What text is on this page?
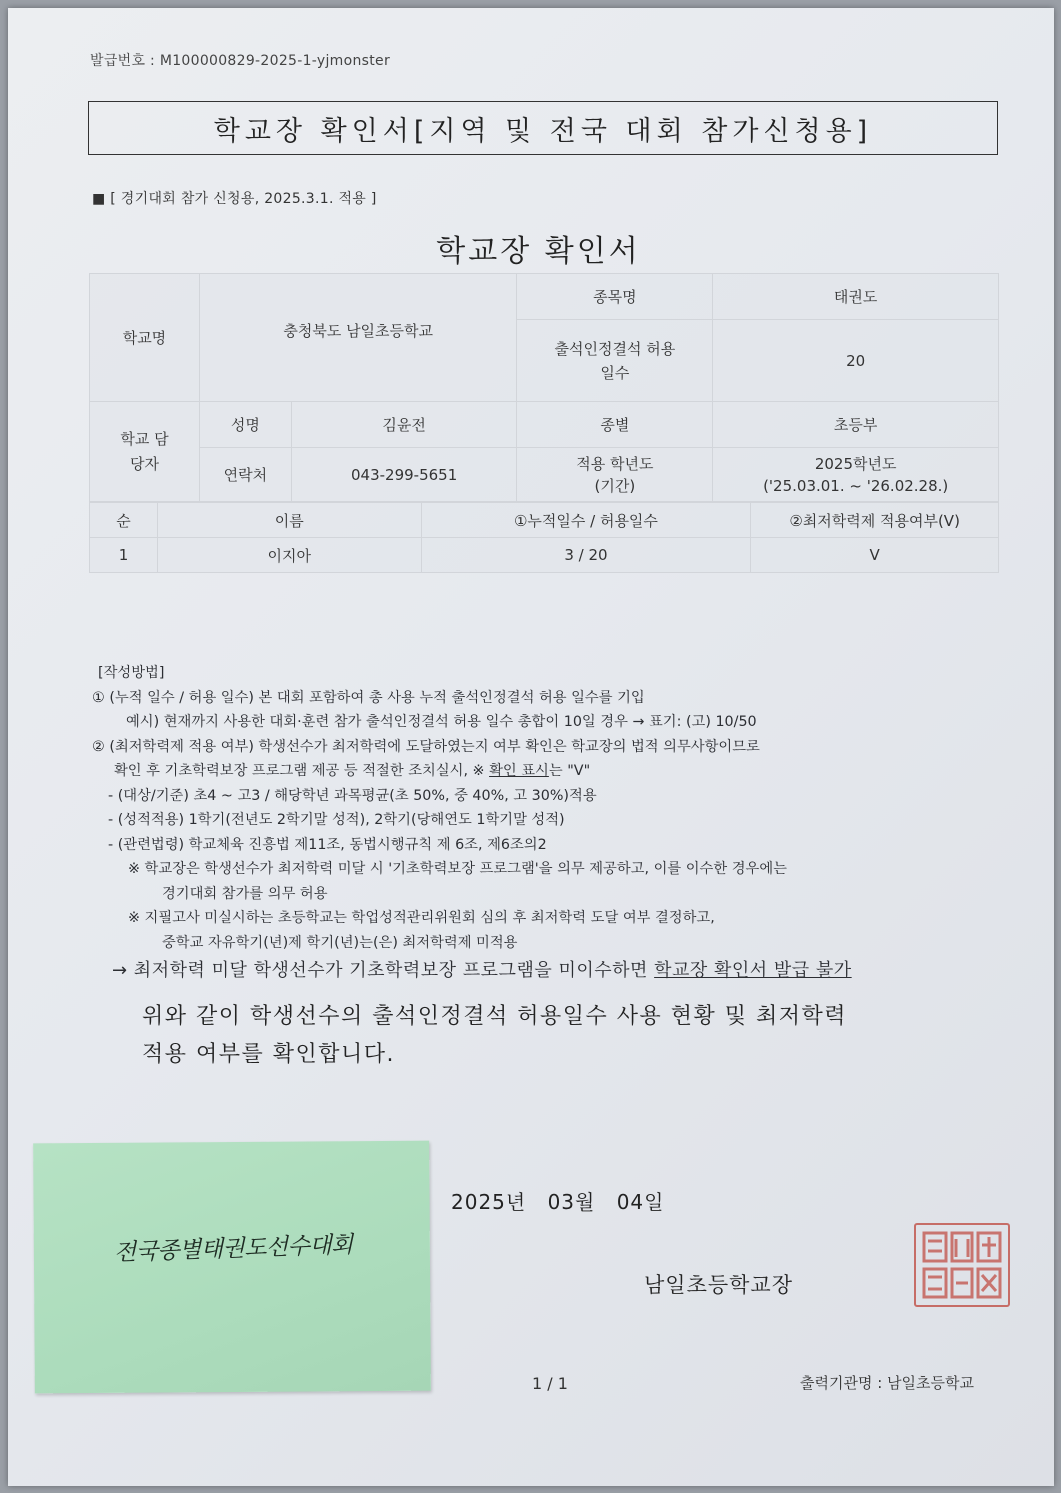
발급번호 : M100000829-2025-1-yjmonster
학교장 확인서[지역 및 전국 대회 참가신청용]
■ [ 경기대회 참가 신청용, 2025.3.1. 적용 ]
학교장 확인서
학교명	충청북도 남일초등학교		종목명	태권도

			출석인정결석 허용일수	20

학교 담당자	성명	김윤전	종별	초등부
	연락처	043-299-5651	적용 학년도 (기간)	2025학년도
('25.03.01. ~ '26.02.28.)
순	이름	①누적일수 / 허용일수	②최저학력제 적용여부(V)
1	이지아	3 / 20	V
[작성방법]
① (누적 일수 / 허용 일수) 본 대회 포함하여 총 사용 누적 출석인정결석 허용 일수를 기입
예시) 현재까지 사용한 대회·훈련 참가 출석인정결석 허용 일수 총합이 10일 경우 → 표기: (고) 10/50
② (최저학력제 적용 여부) 학생선수가 최저학력에 도달하였는지 여부 확인은 학교장의 법적 의무사항이므로
확인 후 기초학력보장 프로그램 제공 등 적절한 조치실시, ※ 확인 표시는 "V"
- (대상/기준) 초4 ~ 고3 / 해당학년 과목평균(초 50%, 중 40%, 고 30%)적용
- (성적적용) 1학기(전년도 2학기말 성적), 2학기(당해연도 1학기말 성적)
- (관련법령) 학교체육 진흥법 제11조, 동법시행규칙 제 6조, 제6조의2
※ 학교장은 학생선수가 최저학력 미달 시 '기초학력보장 프로그램'을 의무 제공하고, 이를 이수한 경우에는
경기대회 참가를 의무 허용
※ 지필고사 미실시하는 초등학교는 학업성적관리위원회 심의 후 최저학력 도달 여부 결정하고,
중학교 자유학기(년)제 학기(년)는(은) 최저학력제 미적용
→ 최저학력 미달 학생선수가 기초학력보장 프로그램을 미이수하면 학교장 확인서 발급 불가
위와 같이 학생선수의 출석인정결석 허용일수 사용 현황 및 최저학력
적용 여부를 확인합니다.
2025년 03월 04일
남일초등학교장
1 / 1	출력기관명 : 남일초등학교
전국종별태권도선수대회
